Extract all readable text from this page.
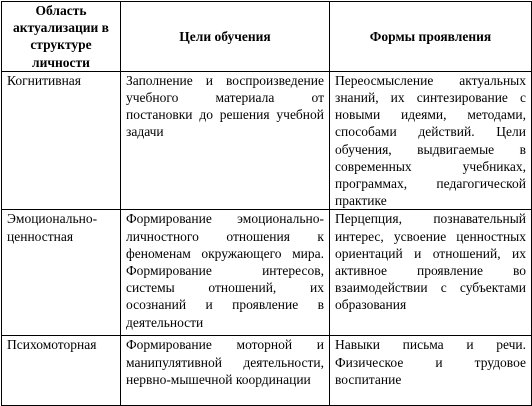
Область актуализации в структуре личности	Цели обучения	Формы проявления
Когнитивная	Заполнение и воспроизведение учебного материала от постановки до решения учебной задачи	Переосмысление актуальных знаний, их синтезирование с новыми идеями, методами, способами действий. Цели обучения, выдвигаемые в современных учебниках, программах, педагогической практике
Эмоционально-ценностная	Формирование эмоционально-личностного отношения к феноменам окружающего мира. Формирование интересов, системы отношений, их осознаний и проявление в деятельности	Перцепция, познавательный интерес, усвоение ценностных ориентаций и отношений, их активное проявление во взаимодействии с субъектами образования
Психомоторная	Формирование моторной и манипулятивной деятельности, нервно-мышечной координации	Навыки письма и речи. Физическое и трудовое воспитание
